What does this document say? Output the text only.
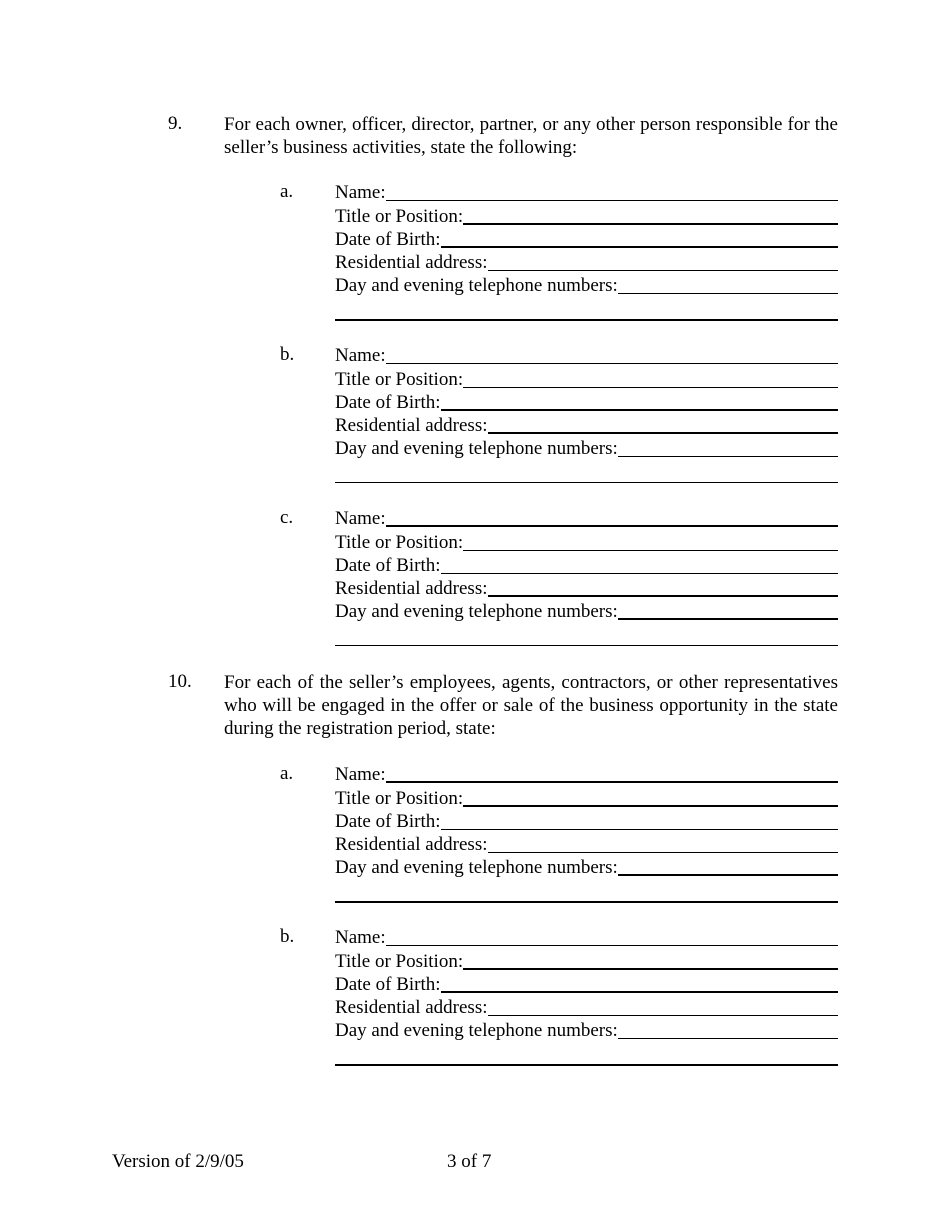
9. For each owner, officer, director, partner, or any other person responsible for the seller’s business activities, state the following:
a. Name:
Title or Position:
Date of Birth:
Residential address:
Day and evening telephone numbers:
b. Name:
Title or Position:
Date of Birth:
Residential address:
Day and evening telephone numbers:
c. Name:
Title or Position:
Date of Birth:
Residential address:
Day and evening telephone numbers:
10. For each of the seller’s employees, agents, contractors, or other representatives who will be engaged in the offer or sale of the business opportunity in the state during the registration period, state:
a. Name:
Title or Position:
Date of Birth:
Residential address:
Day and evening telephone numbers:
b. Name:
Title or Position:
Date of Birth:
Residential address:
Day and evening telephone numbers:
Version of 2/9/05	3 of 7
